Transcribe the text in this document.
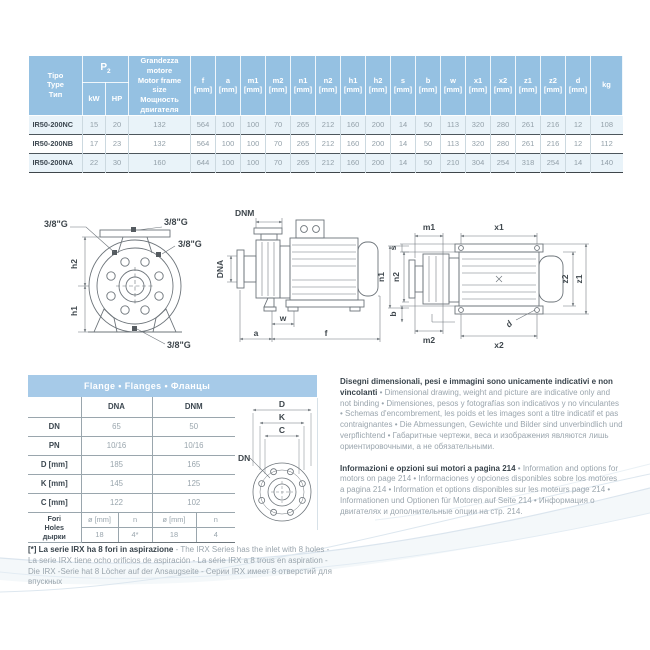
Tipo
Type
Тип
	$P_2$	
Grandezza
motore
Motor frame
size
Мощность
двигателя

f
[mm]

a
[mm]

m1
[mm]

m2
[mm]

n1
[mm]

n2
[mm]

h1
[mm]

h2
[mm]

s
[mm]

b
[mm]

w
[mm]

x1
[mm]

x2
[mm]

z1
[mm]

z2
[mm]

d
[mm]

kg

	kW	HP																		
IR50-200NC	15	20	132	564	100	100	70	265	212	160	200	14	50	113	320	280	261	216	12	108
IR50-200NB	17	23	132	564	100	100	70	265	212	160	200	14	50	113	320	280	261	216	12	112
IR50-200NA	22	30	160	644	100	100	70	265	212	160	200	14	50	210	304	254	318	254	14	140
3/8"G	3/8"G
3/8"G
3/8"G
h2
h1
DNM
DNA
w
a	f
n1 n2
m1	x1
s
b
m2	x2
z2 z1
d
Flange • Flanges • Фланцы
	DNA		DNM	
DN	65		50	
PN	10/16		10/16	
D [mm]	185		165	
K [mm]	145		125	
C [mm]	122		102	

Fori
Holes
дырки	ø [mm]	n	ø [mm]	n
	18	4*	18	4
D
K
C
DN

Disegni dimensionali, pesi e immagini sono unicamente indicativi e non vincolanti • Dimensional drawing, weight and picture are indicative only and not binding • Dimensiones, pesos y fotografías son indicativos y no vinculantes • Schemas d'encombrement, les poids et les images sont a titre indicatif et pas contraignantes • Die Abmessungen, Gewichte und Bilder sind unverbindlich und verpflichtend • Габаритные чертежи, веса и изображения являются лишь ориентировочными, а не обязательными.

Informazioni e opzioni sui motori a pagina 214 • Information and options for motors on page 214 • Informaciones y opciones disponibles sobre los motores a pagina 214 • Information et options disponibles sur les moteurs page 214 • Informationen und Optionen für Motoren auf Seite 214 • Информация о двигателях и дополнительные опции на стр. 214.

[*] La serie IRX ha 8 fori in aspirazione - The IRX Series has the inlet with 8 holes - La serie IRX tiene ocho orificios de aspiración - La série IRX a 8 trous en aspiration - Die IRX -Serie hat 8 Löcher auf der Ansaugseite - Серии IRX имеет 8 отверстий для впускных
